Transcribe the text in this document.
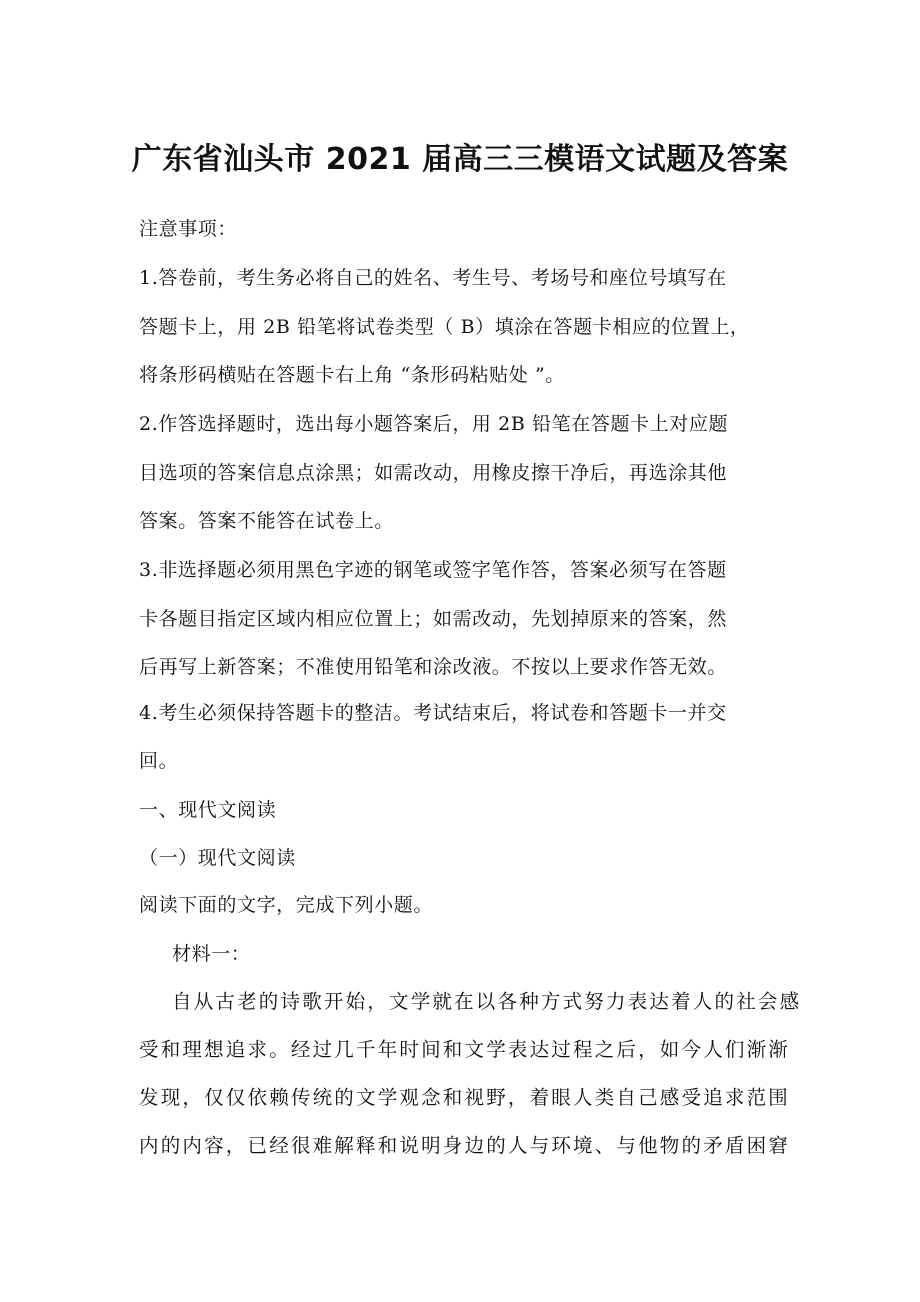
广东省汕头市 2021 届高三三模语文试题及答案
注意事项：
1.答卷前，考生务必将自己的姓名、考生号、考场号和座位号填写在
答题卡上，用 2B 铅笔将试卷类型（ B）填涂在答题卡相应的位置上，
将条形码横贴在答题卡右上角 “条形码粘贴处 ”。
2.作答选择题时，选出每小题答案后，用 2B 铅笔在答题卡上对应题
目选项的答案信息点涂黑；如需改动，用橡皮擦干净后，再选涂其他
答案。答案不能答在试卷上。
3.非选择题必须用黑色字迹的钢笔或签字笔作答，答案必须写在答题
卡各题目指定区域内相应位置上；如需改动，先划掉原来的答案，然
后再写上新答案；不准使用铅笔和涂改液。不按以上要求作答无效。
4.考生必须保持答题卡的整洁。考试结束后，将试卷和答题卡一并交
回。
一、现代文阅读
（一）现代文阅读
阅读下面的文字，完成下列小题。
材料一：
自从古老的诗歌开始，文学就在以各种方式努力表达着人的社会感
受和理想追求。经过几千年时间和文学表达过程之后，如今人们渐渐
发现，仅仅依赖传统的文学观念和视野，着眼人类自己感受追求范围
内的内容，已经很难解释和说明身边的人与环境、与他物的矛盾困窘
